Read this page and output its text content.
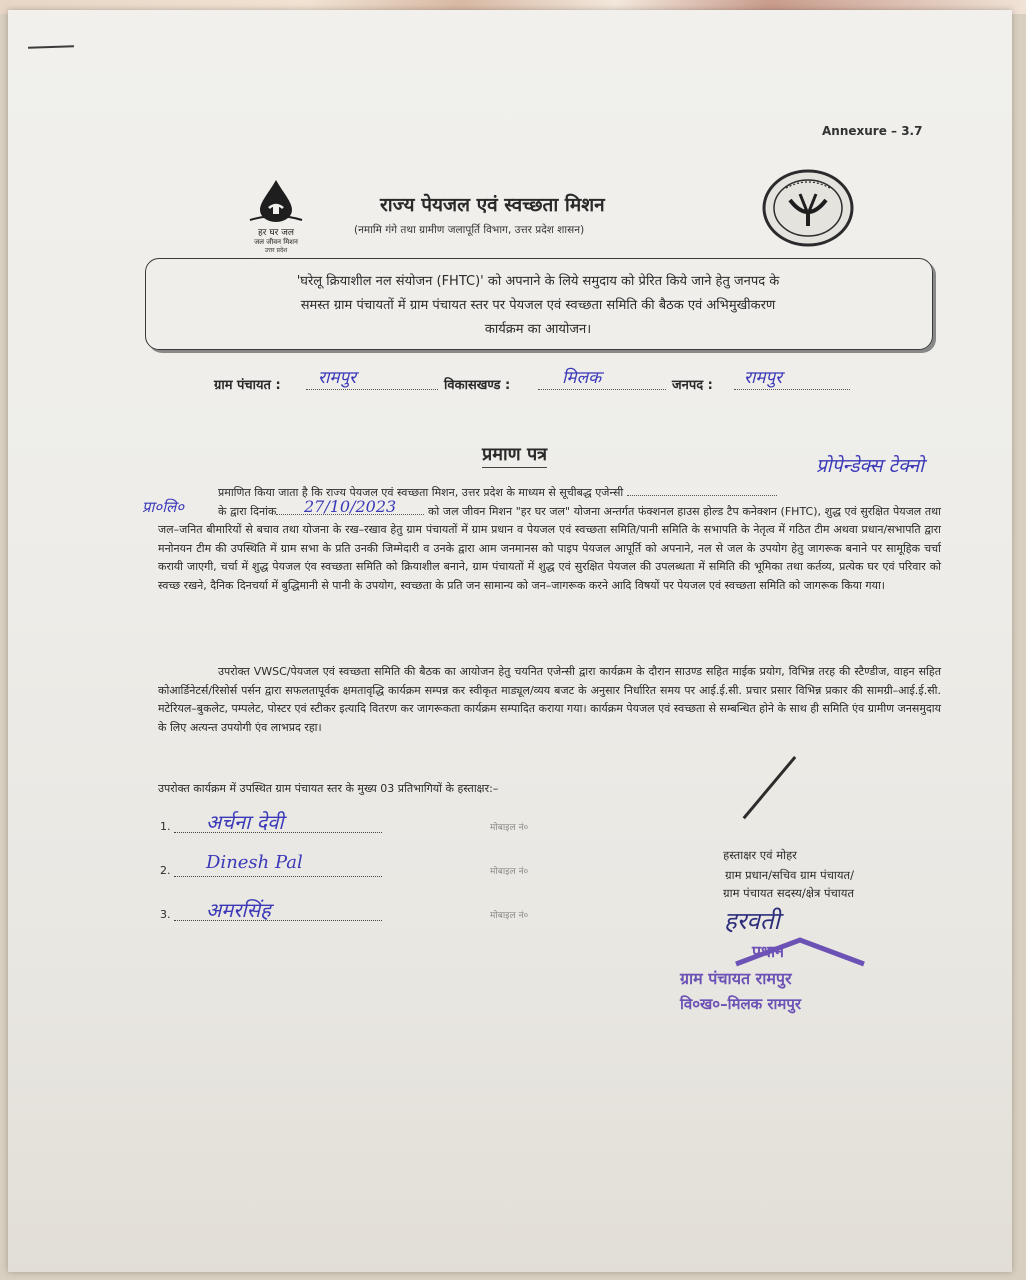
Annexure – 3.7
हर घर जल
जल जीवन मिशन
उत्तर प्रदेश
राज्य पेयजल एवं स्वच्छता मिशन
(नमामि गंगे तथा ग्रामीण जलापूर्ति विभाग, उत्तर प्रदेश शासन)
'घरेलू क्रियाशील नल संयोजन (FHTC)' को अपनाने के लिये समुदाय को प्रेरित किये जाने हेतु जनपद के
समस्त ग्राम पंचायतों में ग्राम पंचायत स्तर पर पेयजल एवं स्वच्छता समिति की बैठक एवं अभिमुखीकरण
कार्यक्रम का आयोजन।
ग्राम पंचायत : रामपुर	विकासखण्ड :	मिलक	जनपद : रामपुर
प्रमाण पत्र
प्रोपेन्डेक्स टेक्नो
प्रा०लि०	27/10/2023
प्रमाणित किया जाता है कि राज्य पेयजल एवं स्वच्छता मिशन, उत्तर प्रदेश के माध्यम से सूचीबद्ध एजेन्सी
के द्वारा दिनांक	को जल जीवन मिशन "हर घर जल" योजना अन्तर्गत फंक्शनल हाउस होल्ड टैप कनेक्शन (FHTC), शुद्ध एवं सुरक्षित पेयजल तथा जल–जनित बीमारियों से बचाव तथा योजना के रख–रखाव हेतु ग्राम पंचायतों में ग्राम प्रधान व पेयजल एवं स्वच्छता समिति/पानी समिति के सभापति के नेतृत्व में गठित टीम अथवा प्रधान/सभापति द्वारा मनोनयन टीम की उपस्थिति में ग्राम सभा के प्रति उनकी जिम्मेदारी व उनके द्वारा आम जनमानस को पाइप पेयजल आपूर्ति को अपनाने, नल से जल के उपयोग हेतु जागरूक बनाने पर सामूहिक चर्चा करायी जाएगी, चर्चा में शुद्ध पेयजल एंव स्वच्छता समिति को क्रियाशील बनाने, ग्राम पंचायतों में शुद्ध एवं सुरक्षित पेयजल की उपलब्धता में समिति की भूमिका तथा कर्तव्य, प्रत्येक घर एवं परिवार को स्वच्छ रखने, दैनिक दिनचर्या में बुद्धिमानी से पानी के उपयोग, स्वच्छता के प्रति जन सामान्य को जन–जागरूक करने आदि विषयों पर पेयजल एवं स्वच्छता समिति को जागरूक किया गया।
उपरोक्त VWSC/पेयजल एवं स्वच्छता समिति की बैठक का आयोजन हेतु चयनित एजेन्सी द्वारा कार्यक्रम के दौरान साउण्ड सहित माईक प्रयोग, विभिन्न तरह की स्टैण्डीज, वाहन सहित कोआर्डिनेटर्स/रिसोर्स पर्सन द्वारा सफलतापूर्वक क्षमतावृद्धि कार्यक्रम सम्पन्न कर स्वीकृत माड्यूल/व्यय बजट के अनुसार निर्धारित समय पर आई.ई.सी. प्रचार प्रसार विभिन्न प्रकार की सामग्री–आई.ई.सी. मटेरियल–बुकलेट, पम्पलेट, पोस्टर एवं स्टीकर इत्यादि वितरण कर जागरूकता कार्यक्रम सम्पादित कराया गया। कार्यक्रम पेयजल एवं स्वच्छता से सम्बन्धित होने के साथ ही समिति एंव ग्रामीण जनसमुदाय के लिए अत्यन्त उपयोगी एंव लाभप्रद रहा।
उपरोक्त कार्यक्रम में उपस्थित ग्राम पंचायत स्तर के मुख्य 03 प्रतिभागियों के हस्ताक्षर:–
1. अर्चना देवी	मोबाइल नं०
2. Dinesh Pal	मोबाइल नं०
3. अमरसिंह	मोबाइल नं०
हस्ताक्षर एवं मोहर
ग्राम प्रधान/सचिव ग्राम पंचायत/
ग्राम पंचायत सदस्य/क्षेत्र पंचायत
हरवती
प्रधान
ग्राम पंचायत रामपुर
वि०ख०–मिलक रामपुर
